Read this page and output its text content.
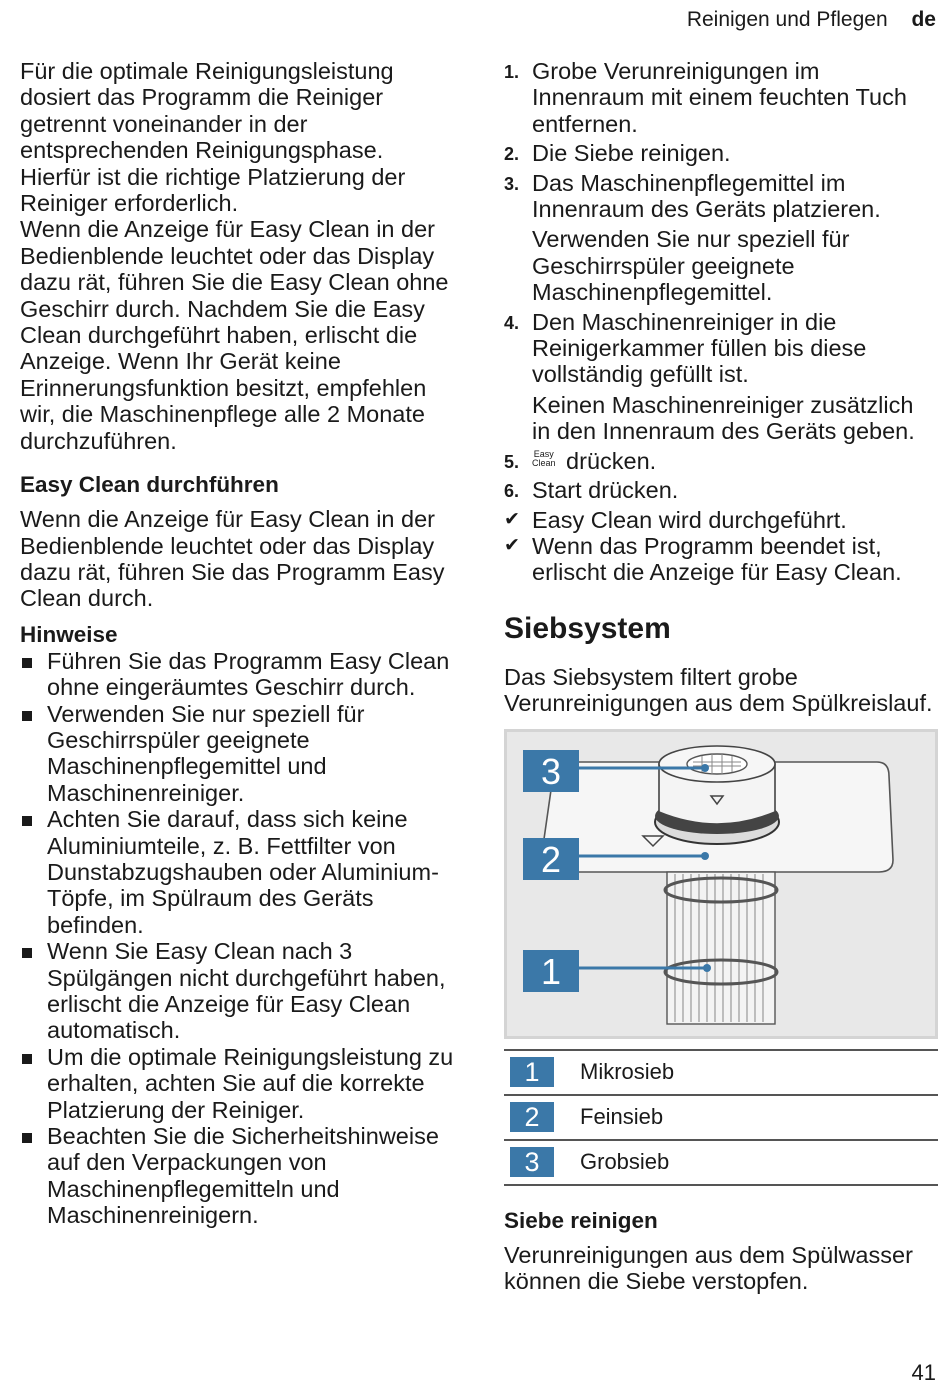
Reinigen und Pflegen de

Für die optimale Reinigungsleistung dosiert das Programm die Reiniger getrennt voneinander in der entsprechenden Reinigungsphase. Hierfür ist die richtige Platzierung der Reiniger erforderlich.

Wenn die Anzeige für Easy Clean in der Bedienblende leuchtet oder das Display dazu rät, führen Sie die Easy Clean ohne Geschirr durch. Nachdem Sie die Easy Clean durchgeführt haben, erlischt die Anzeige. Wenn Ihr Gerät keine Erinnerungsfunktion besitzt, empfehlen wir, die Maschinenpflege alle 2 Monate durchzuführen.

Easy Clean durchführen

Wenn die Anzeige für Easy Clean in der Bedienblende leuchtet oder das Display dazu rät, führen Sie das Programm Easy Clean durch.

Hinweise
Führen Sie das Programm Easy Clean ohne eingeräumtes Geschirr durch.
Verwenden Sie nur speziell für Geschirrspüler geeignete Maschinenpflegemittel und Maschinenreiniger.
Achten Sie darauf, dass sich keine Aluminiumteile, z. B. Fettfilter von Dunstabzugshauben oder Aluminium-Töpfe, im Spülraum des Geräts befinden.
Wenn Sie Easy Clean nach 3 Spülgängen nicht durchgeführt haben, erlischt die Anzeige für Easy Clean automatisch.
Um die optimale Reinigungsleistung zu erhalten, achten Sie auf die korrekte Platzierung der Reiniger.
Beachten Sie die Sicherheitshinweise auf den Verpackungen von Maschinenpflegemitteln und Maschinenreinigern.
1. Grobe Verunreinigungen im Innenraum mit einem feuchten Tuch entfernen.
2. Die Siebe reinigen.
3. Das Maschinenpflegemittel im Innenraum des Geräts platzieren.

Verwenden Sie nur speziell für Geschirrspüler geeignete Maschinenpflegemittel.

4. Den Maschinenreiniger in die Reinigerkammer füllen bis diese vollständig gefüllt ist.

Keinen Maschinenreiniger zusätzlich in den Innenraum des Geräts geben.

5. Easy
Clean drücken.
6. Start drücken.
✔ Easy Clean wird durchgeführt.
✔ Wenn das Programm beendet ist, erlischt die Anzeige für Easy Clean.
Siebsystem

Das Siebsystem filtert grobe Verunreinigungen aus dem Spülkreislauf.

3
2
1
1	Mikrosieb
2	Feinsieb
3	Grobsieb
Siebe reinigen

Verunreinigungen aus dem Spülwasser können die Siebe verstopfen.

41
